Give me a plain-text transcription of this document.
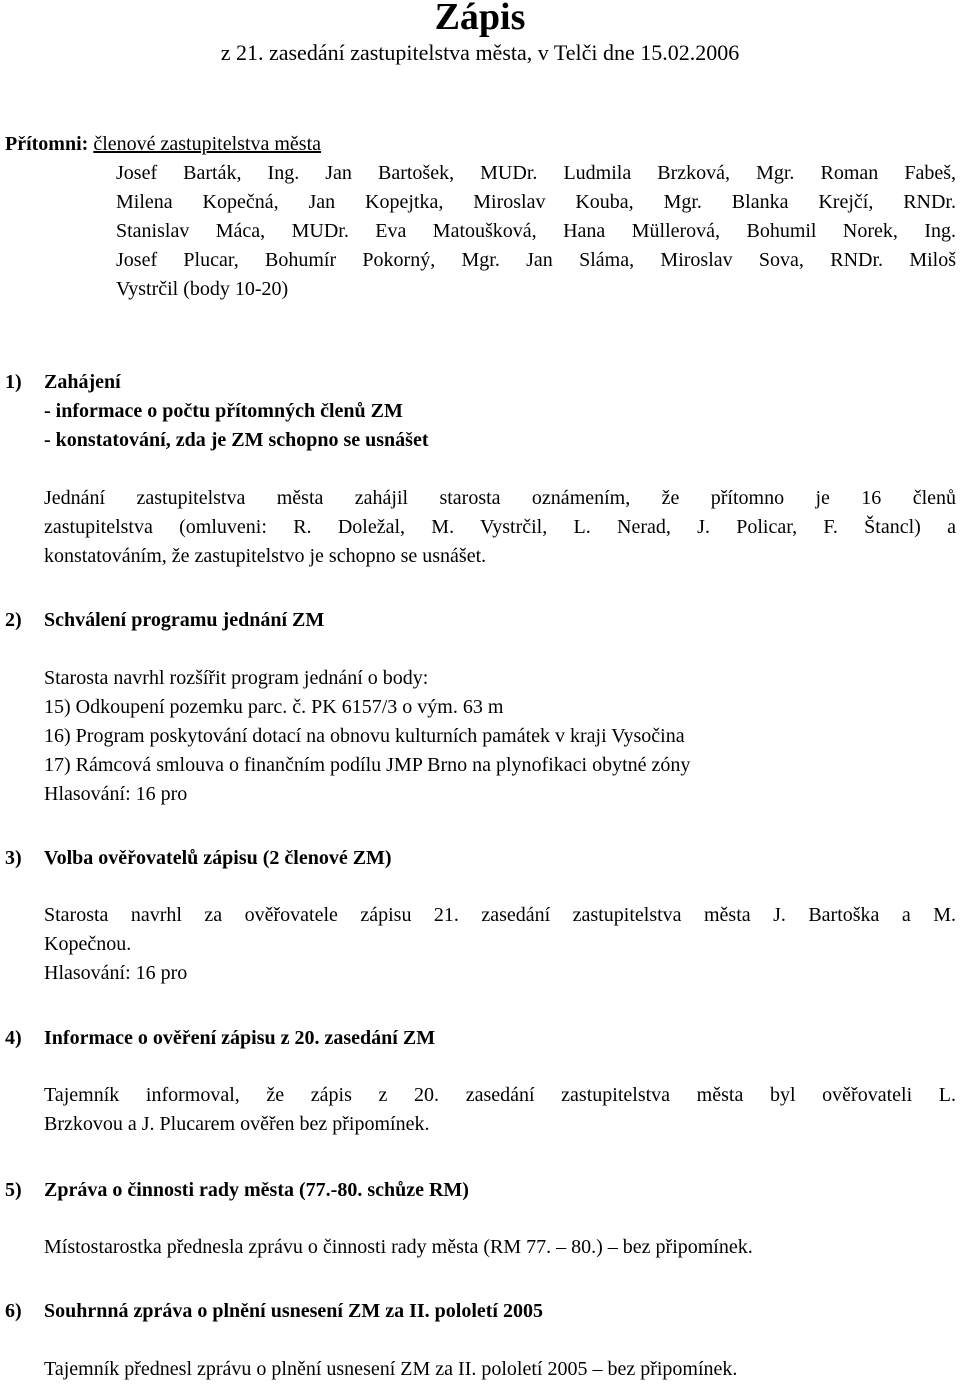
Zápis
z 21. zasedání zastupitelstva města, v Telči dne 15.02.2006
Přítomni: členové zastupitelstva města
Josef Barták, Ing. Jan Bartošek, MUDr. Ludmila Brzková, Mgr. Roman Fabeš,
Milena Kopečná, Jan Kopejtka, Miroslav Kouba, Mgr. Blanka Krejčí, RNDr.
Stanislav Máca, MUDr. Eva Matoušková, Hana Müllerová, Bohumil Norek, Ing.
Josef Plucar, Bohumír Pokorný, Mgr. Jan Sláma, Miroslav Sova, RNDr. Miloš
Vystrčil (body 10-20)
1) Zahájení
- informace o počtu přítomných členů ZM
- konstatování, zda je ZM schopno se usnášet
Jednání zastupitelstva města zahájil starosta oznámením, že přítomno je 16 členů
zastupitelstva (omluveni: R. Doležal, M. Vystrčil, L. Nerad, J. Policar, F. Štancl) a
konstatováním, že zastupitelstvo je schopno se usnášet.
2) Schválení programu jednání ZM
Starosta navrhl rozšířit program jednání o body:
15) Odkoupení pozemku parc. č. PK 6157/3 o vým. 63 m
16) Program poskytování dotací na obnovu kulturních památek v kraji Vysočina
17) Rámcová smlouva o finančním podílu JMP Brno na plynofikaci obytné zóny
Hlasování: 16 pro
3) Volba ověřovatelů zápisu (2 členové ZM)
Starosta navrhl za ověřovatele zápisu 21. zasedání zastupitelstva města J. Bartoška a M.
Kopečnou.
Hlasování: 16 pro
4) Informace o ověření zápisu z 20. zasedání ZM
Tajemník informoval, že zápis z 20. zasedání zastupitelstva města byl ověřovateli L.
Brzkovou a J. Plucarem ověřen bez připomínek.
5) Zpráva o činnosti rady města (77.-80. schůze RM)
Místostarostka přednesla zprávu o činnosti rady města (RM 77. – 80.) – bez připomínek.
6) Souhrnná zpráva o plnění usnesení ZM za II. pololetí 2005
Tajemník přednesl zprávu o plnění usnesení ZM za II. pololetí 2005 – bez připomínek.
